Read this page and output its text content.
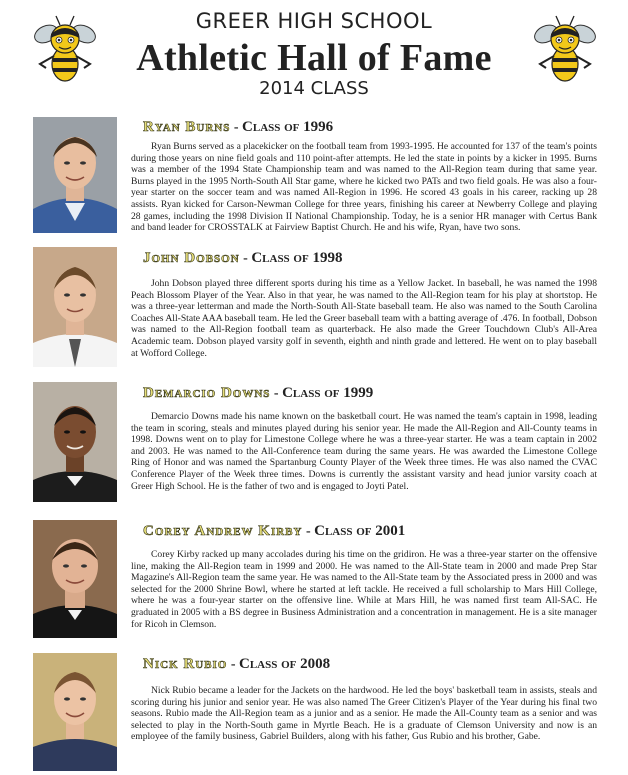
GREER HIGH SCHOOL
Athletic Hall of Fame
2014 CLASS
Ryan Burns - Class of 1996

Ryan Burns served as a placekicker on the football team from 1993-1995. He accounted for 137 of the team's points during those years on nine field goals and 110 point-after attempts. He led the state in points by a kicker in 1995. Burns was a member of the 1994 State Championship team and was named to the All-Region team during that same year. Burns played in the 1995 North-South All Star game, where he kicked two PATs and two field goals. He was also a four-year starter on the soccer team and was named All-Region in 1996. He scored 43 goals in his career, racking up 28 assists. Ryan kicked for Carson-Newman College for three years, finishing his career at Newberry College and playing 28 games, including the 1998 Division II National Championship. Today, he is a senior HR manager with Certus Bank and band leader for CROSSTALK at Fairview Baptist Church. He and his wife, Ryan, have two sons.

John Dobson - Class of 1998

John Dobson played three different sports during his time as a Yellow Jacket. In baseball, he was named the 1998 Peach Blossom Player of the Year. Also in that year, he was named to the All-Region team for his play at shortstop. He was a three-year letterman and made the North-South All-State baseball team. He also was named to the South Carolina Coaches All-State AAA baseball team. He led the Greer baseball team with a batting average of .476. In football, Dobson was named to the All-Region football team as quarterback. He also made the Greer Touchdown Club's All-Area Academic team. Dobson played varsity golf in seventh, eighth and ninth grade and lettered. He went on to play baseball at Wofford College.

Demarcio Downs - Class of 1999

Demarcio Downs made his name known on the basketball court. He was named the team's captain in 1998, leading the team in scoring, steals and minutes played during his senior year. He made the All-Region and All-County teams in 1998. Downs went on to play for Limestone College where he was a three-year starter. He was a team captain in 2002 and 2003. He was named to the All-Conference team during the same years. He was awarded the Limestone College Ring of Honor and was named the Spartanburg County Player of the Week three times. He was also named the CVAC Conference Player of the Week three times. Downs is currently the assistant varsity and head junior varsity coach at Greer High School. He is the father of two and is engaged to Joyti Patel.

Corey Andrew Kirby - Class of 2001

Corey Kirby racked up many accolades during his time on the gridiron. He was a three-year starter on the offensive line, making the All-Region team in 1999 and 2000. He was named to the All-State team in 2000 and made Prep Star Magazine's All-Region team the same year. He was named to the All-State team by the Associated press in 2000 and was selected for the 2000 Shrine Bowl, where he started at left tackle. He received a full scholarship to Mars Hill College, where he was a four-year starter on the offensive line. While at Mars Hill, he was named first team All-SAC. He graduated in 2005 with a BS degree in Business Administration and a concentration in management. He is a site manager for Ricoh in Clemson.

Nick Rubio - Class of 2008

Nick Rubio became a leader for the Jackets on the hardwood. He led the boys' basketball team in assists, steals and scoring during his junior and senior year. He was also named The Greer Citizen's Player of the Year during his final two seasons. Rubio made the All-Region team as a junior and as a senior. He made the All-County team as a senior and was selected to play in the North-South game in Myrtle Beach. He is a graduate of Clemson University and now is an employee of the family business, Gabriel Builders, along with his father, Gus Rubio and his brother, Gabe.
